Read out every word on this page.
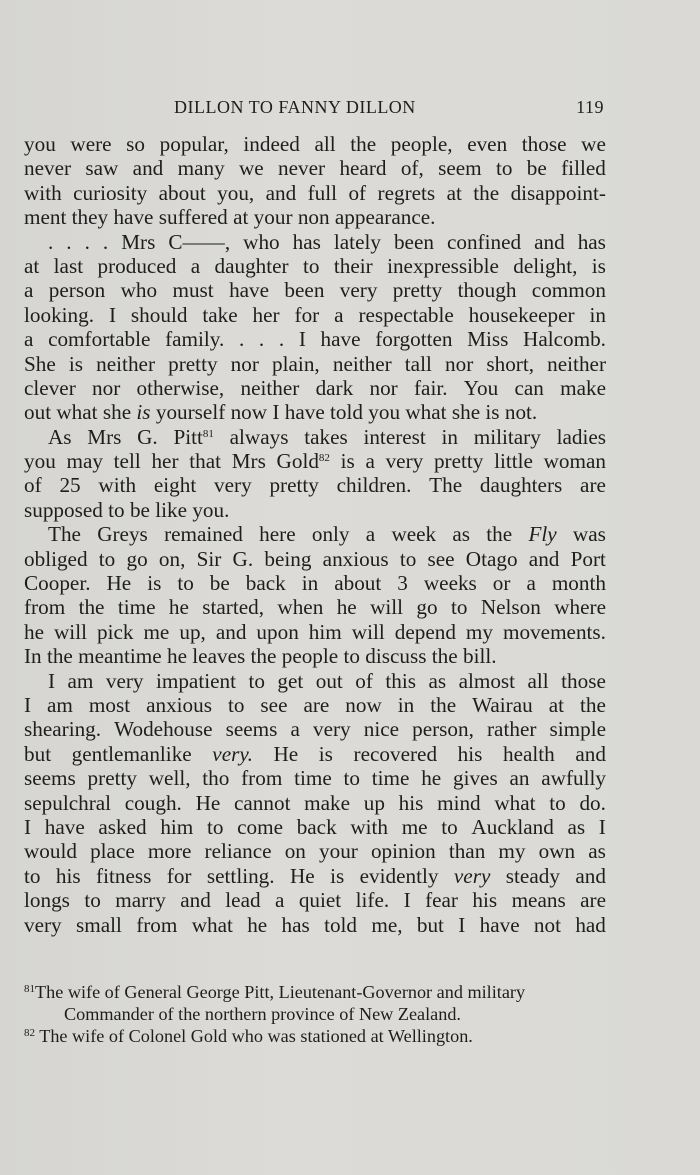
DILLON TO FANNY DILLON	119
you were so popular, indeed all the people, even those we
never saw and many we never heard of, seem to be filled
with curiosity about you, and full of regrets at the disappoint-
ment they have suffered at your non appearance.
. . . . Mrs C——, who has lately been confined and has
at last produced a daughter to their inexpressible delight, is
a person who must have been very pretty though common
looking. I should take her for a respectable housekeeper in
a comfortable family. . . . I have forgotten Miss Halcomb.
She is neither pretty nor plain, neither tall nor short, neither
clever nor otherwise, neither dark nor fair. You can make
out what she is yourself now I have told you what she is not.
As Mrs G. Pitt$^{81}$ always takes interest in military ladies
you may tell her that Mrs Gold$^{82}$ is a very pretty little woman
of 25 with eight very pretty children. The daughters are
supposed to be like you.
The Greys remained here only a week as the Fly was
obliged to go on, Sir G. being anxious to see Otago and Port
Cooper. He is to be back in about 3 weeks or a month
from the time he started, when he will go to Nelson where
he will pick me up, and upon him will depend my movements.
In the meantime he leaves the people to discuss the bill.
I am very impatient to get out of this as almost all those
I am most anxious to see are now in the Wairau at the
shearing. Wodehouse seems a very nice person, rather simple
but gentlemanlike very. He is recovered his health and
seems pretty well, tho from time to time he gives an awfully
sepulchral cough. He cannot make up his mind what to do.
I have asked him to come back with me to Auckland as I
would place more reliance on your opinion than my own as
to his fitness for settling. He is evidently very steady and
longs to marry and lead a quiet life. I fear his means are
very small from what he has told me, but I have not had
$^{81}$The wife of General George Pitt, Lieutenant-Governor and military
Commander of the northern province of New Zealand.
$^{82}$ The wife of Colonel Gold who was stationed at Wellington.
